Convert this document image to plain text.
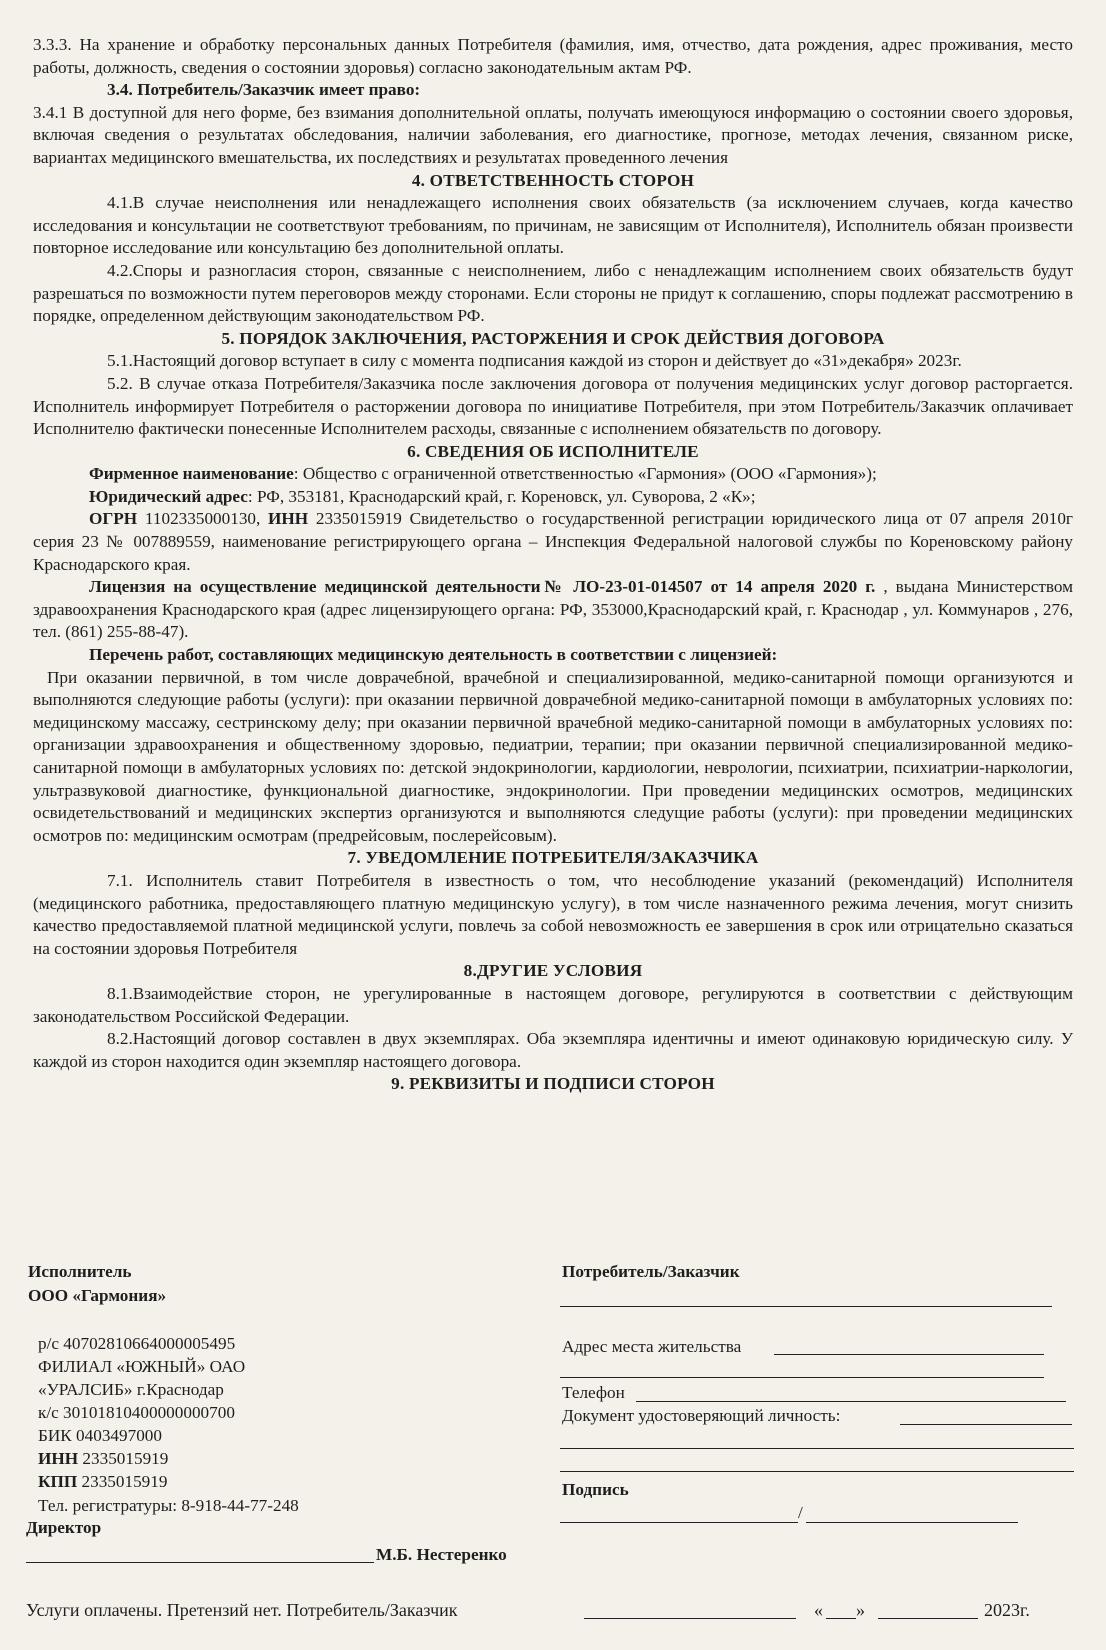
3.3.3. На хранение и обработку персональных данных Потребителя (фамилия, имя, отчество, дата рождения, адрес проживания, место работы, должность, сведения о состоянии здоровья) согласно законодательным актам РФ.

3.4. Потребитель/Заказчик имеет право:

3.4.1 В доступной для него форме, без взимания дополнительной оплаты, получать имеющуюся информацию о состоянии своего здоровья, включая сведения о результатах обследования, наличии заболевания, его диагностике, прогнозе, методах лечения, связанном риске, вариантах медицинского вмешательства, их последствиях и результатах проведенного лечения

4. ОТВЕТСТВЕННОСТЬ СТОРОН

4.1.В случае неисполнения или ненадлежащего исполнения своих обязательств (за исключением случаев, когда качество исследования и консультации не соответствуют требованиям, по причинам, не зависящим от Исполнителя), Исполнитель обязан произвести повторное исследование или консультацию без дополнительной оплаты.

4.2.Споры и разногласия сторон, связанные с неисполнением, либо с ненадлежащим исполнением своих обязательств будут разрешаться по возможности путем переговоров между сторонами. Если стороны не придут к соглашению, споры подлежат рассмотрению в порядке, определенном действующим законодательством РФ.

5. ПОРЯДОК ЗАКЛЮЧЕНИЯ, РАСТОРЖЕНИЯ И СРОК ДЕЙСТВИЯ ДОГОВОРА

5.1.Настоящий договор вступает в силу с момента подписания каждой из сторон и действует до «31»декабря» 2023г.

5.2. В случае отказа Потребителя/Заказчика после заключения договора от получения медицинских услуг договор расторгается. Исполнитель информирует Потребителя о расторжении договора по инициативе Потребителя, при этом Потребитель/Заказчик оплачивает Исполнителю фактически понесенные Исполнителем расходы, связанные с исполнением обязательств по договору.

6. СВЕДЕНИЯ ОБ ИСПОЛНИТЕЛЕ

Фирменное наименование: Общество с ограниченной ответственностью «Гармония» (ООО «Гармония»);

Юридический адрес: РФ, 353181, Краснодарский край, г. Кореновск, ул. Суворова, 2 «К»;

ОГРН 1102335000130, ИНН 2335015919 Свидетельство о государственной регистрации юридического лица от 07 апреля 2010г серия 23 № 007889559, наименование регистрирующего органа – Инспекция Федеральной налоговой службы по Кореновскому району Краснодарского края.

Лицензия на осуществление медицинской деятельности№ ЛО-23-01-014507 от 14 апреля 2020 г. , выдана Министерством здравоохранения Краснодарского края (адрес лицензирующего органа: РФ, 353000,Краснодарский край, г. Краснодар , ул. Коммунаров , 276, тел. (861) 255-88-47).

Перечень работ, составляющих медицинскую деятельность в соответствии с лицензией:

При оказании первичной, в том числе доврачебной, врачебной и специализированной, медико-санитарной помощи организуются и выполняются следующие работы (услуги): при оказании первичной доврачебной медико-санитарной помощи в амбулаторных условиях по: медицинскому массажу, сестринскому делу; при оказании первичной врачебной медико-санитарной помощи в амбулаторных условиях по: организации здравоохранения и общественному здоровью, педиатрии, терапии; при оказании первичной специализированной медико-санитарной помощи в амбулаторных условиях по: детской эндокринологии, кардиологии, неврологии, психиатрии, психиатрии-наркологии, ультразвуковой диагностике, функциональной диагностике, эндокринологии. При проведении медицинских осмотров, медицинских освидетельствований и медицинских экспертиз организуются и выполняются следущие работы (услуги): при проведении медицинских осмотров по: медицинским осмотрам (предрейсовым, послерейсовым).

7. УВЕДОМЛЕНИЕ ПОТРЕБИТЕЛЯ/ЗАКАЗЧИКА

7.1. Исполнитель ставит Потребителя в известность о том, что несоблюдение указаний (рекомендаций) Исполнителя (медицинского работника, предоставляющего платную медицинскую услугу), в том числе назначенного режима лечения, могут снизить качество предоставляемой платной медицинской услуги, повлечь за собой невозможность ее завершения в срок или отрицательно сказаться на состоянии здоровья Потребителя

8.ДРУГИЕ УСЛОВИЯ

8.1.Взаимодействие сторон, не урегулированные в настоящем договоре, регулируются в соответствии с действующим законодательством Российской Федерации.

8.2.Настоящий договор составлен в двух экземплярах. Оба экземпляра идентичны и имеют одинаковую юридическую силу. У каждой из сторон находится один экземпляр настоящего договора.

9. РЕКВИЗИТЫ И ПОДПИСИ СТОРОН

Исполнитель
ООО «Гармония»
р/с 40702810664000005495
ФИЛИАЛ «ЮЖНЫЙ» ОАО
«УРАЛСИБ» г.Краснодар
к/с 30101810400000000700
БИК 0403497000
ИНН 2335015919
КПП 2335015919
Тел. регистратуры: 8-918-44-77-248
Директор
М.Б. Нестеренко
Потребитель/Заказчик
Адрес места жительства
Телефон
Документ удостоверяющий личность:
Подпись
/
Услуги оплачены. Претензий нет. Потребитель/Заказчик	« »	2023г.
